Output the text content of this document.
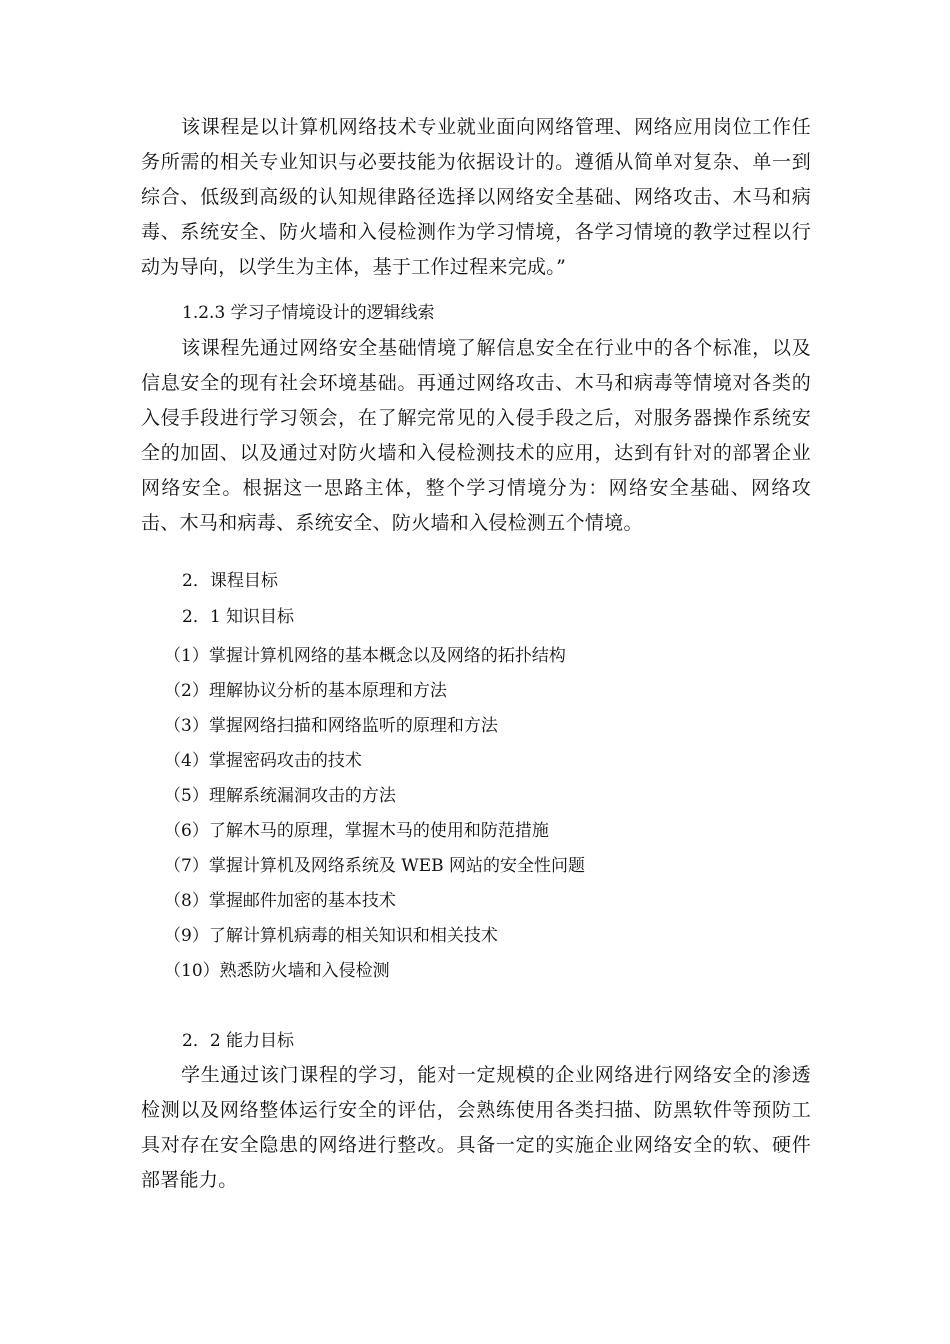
该课程是以计算机网络技术专业就业面向网络管理、网络应用岗位工作任务所需的相关专业知识与必要技能为依据设计的。遵循从简单对复杂、单一到综合、低级到高级的认知规律路径选择以网络安全基础、网络攻击、木马和病毒、系统安全、防火墙和入侵检测作为学习情境，各学习情境的教学过程以行动为导向，以学生为主体，基于工作过程来完成。”

1.2.3 学习子情境设计的逻辑线索

该课程先通过网络安全基础情境了解信息安全在行业中的各个标准，以及信息安全的现有社会环境基础。再通过网络攻击、木马和病毒等情境对各类的入侵手段进行学习领会，在了解完常见的入侵手段之后，对服务器操作系统安全的加固、以及通过对防火墙和入侵检测技术的应用，达到有针对的部署企业网络安全。根据这一思路主体，整个学习情境分为：网络安全基础、网络攻击、木马和病毒、系统安全、防火墙和入侵检测五个情境。

2．课程目标

2．1 知识目标

（1）掌握计算机网络的基本概念以及网络的拓扑结构
（2）理解协议分析的基本原理和方法
（3）掌握网络扫描和网络监听的原理和方法
（4）掌握密码攻击的技术
（5）理解系统漏洞攻击的方法
（6）了解木马的原理，掌握木马的使用和防范措施
（7）掌握计算机及网络系统及 WEB 网站的安全性问题
（8）掌握邮件加密的基本技术
（9）了解计算机病毒的相关知识和相关技术
（10）熟悉防火墙和入侵检测

2．2 能力目标

学生通过该门课程的学习，能对一定规模的企业网络进行网络安全的渗透检测以及网络整体运行安全的评估，会熟练使用各类扫描、防黑软件等预防工具对存在安全隐患的网络进行整改。具备一定的实施企业网络安全的软、硬件部署能力。
